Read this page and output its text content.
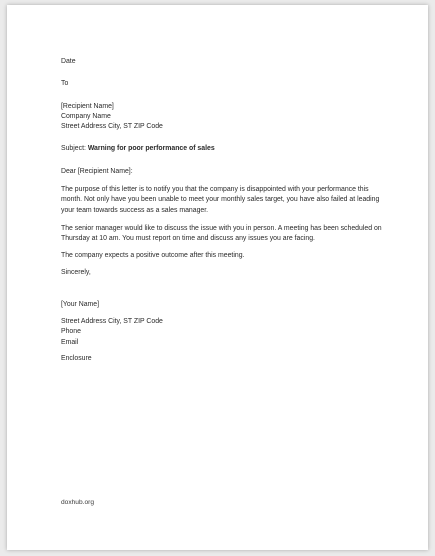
Date

To

[Recipient Name]

Company Name

Street Address City, ST ZIP Code

Subject: Warning for poor performance of sales

Dear [Recipient Name]:

The purpose of this letter is to notify you that the company is disappointed with your performance this month. Not only have you been unable to meet your monthly sales target, you have also failed at leading your team towards success as a sales manager.

The senior manager would like to discuss the issue with you in person. A meeting has been scheduled on Thursday at 10 am. You must report on time and discuss any issues you are facing.

The company expects a positive outcome after this meeting.

Sincerely,

[Your Name]

Street Address City, ST ZIP Code

Phone

Email

Enclosure

doxhub.org
